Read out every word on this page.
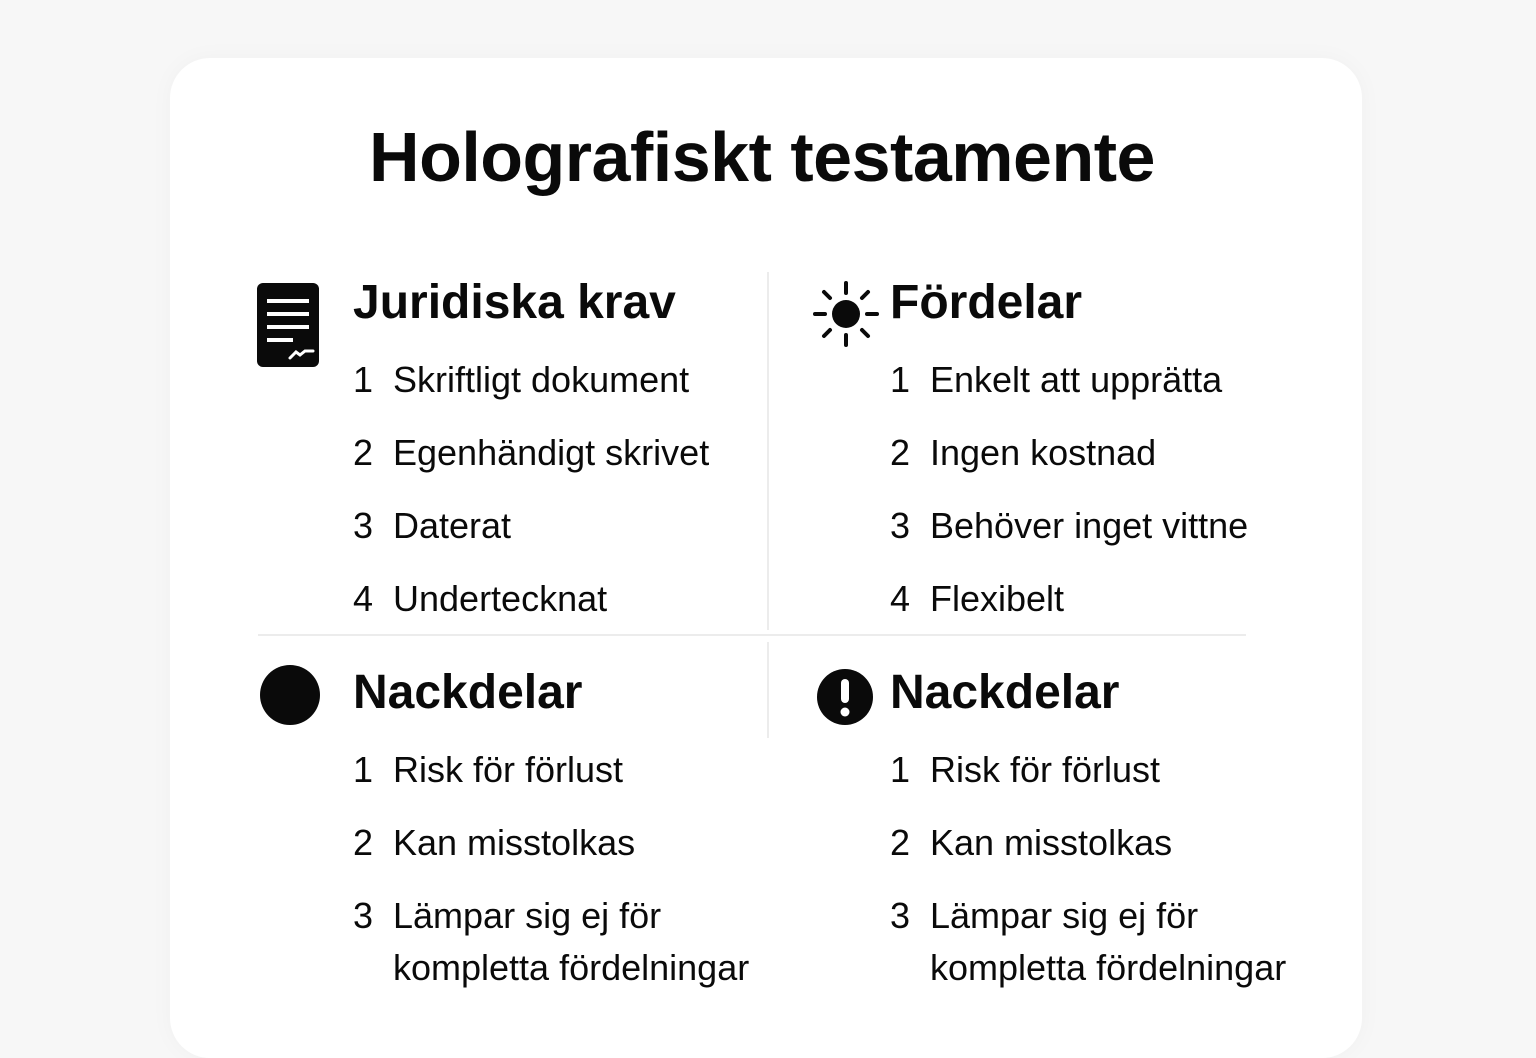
Holografiskt testamente
Juridiska krav
1 Skriftligt dokument
2 Egenhändigt skrivet
3 Daterat
4 Undertecknat
Fördelar
1 Enkelt att upprätta
2 Ingen kostnad
3 Behöver inget vittne
4 Flexibelt
Nackdelar
1 Risk för förlust
2 Kan misstolkas
3 Lämpar sig ej för kompletta fördelningar
Nackdelar
1 Risk för förlust
2 Kan misstolkas
3 Lämpar sig ej för kompletta fördelningar
